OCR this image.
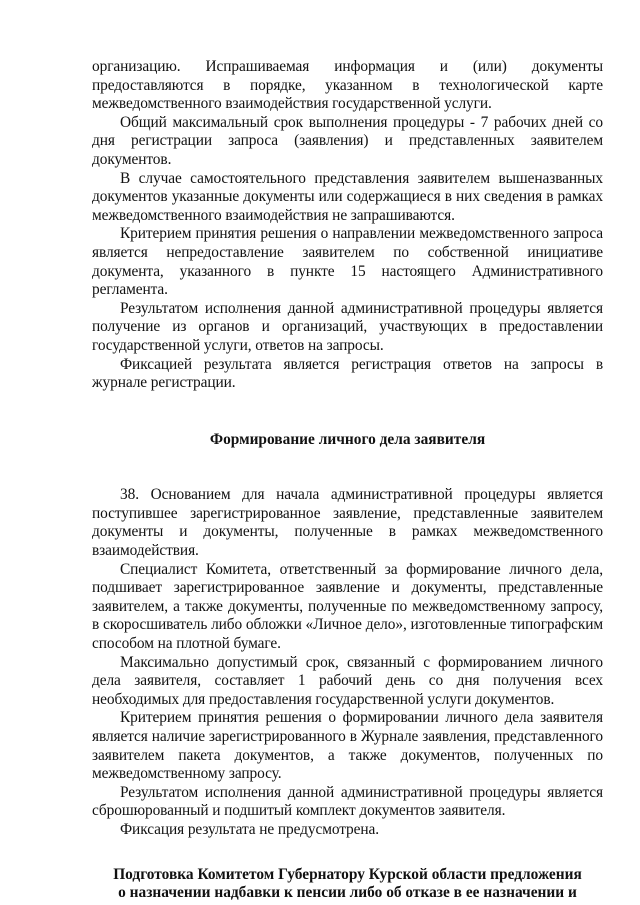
организацию. Испрашиваемая информация и (или) документы предоставляются в порядке, указанном в технологической карте межведомственного взаимодействия государственной услуги.

Общий максимальный срок выполнения процедуры - 7 рабочих дней со дня регистрации запроса (заявления) и представленных заявителем документов.

В случае самостоятельного представления заявителем вышеназванных документов указанные документы или содержащиеся в них сведения в рамках межведомственного взаимодействия не запрашиваются.

Критерием принятия решения о направлении межведомственного запроса является непредоставление заявителем по собственной инициативе документа, указанного в пункте 15 настоящего Административного регламента.

Результатом исполнения данной административной процедуры является получение из органов и организаций, участвующих в предоставлении государственной услуги, ответов на запросы.

Фиксацией результата является регистрация ответов на запросы в журнале регистрации.

Формирование личного дела заявителя

38. Основанием для начала административной процедуры является поступившее зарегистрированное заявление, представленные заявителем документы и документы, полученные в рамках межведомственного взаимодействия.

Специалист Комитета, ответственный за формирование личного дела, подшивает зарегистрированное заявление и документы, представленные заявителем, а также документы, полученные по межведомственному запросу, в скоросшиватель либо обложки «Личное дело», изготовленные типографским способом на плотной бумаге.

Максимально допустимый срок, связанный с формированием личного дела заявителя, составляет 1 рабочий день со дня получения всех необходимых для предоставления государственной услуги документов.

Критерием принятия решения о формировании личного дела заявителя является наличие зарегистрированного в Журнале заявления, представленного заявителем пакета документов, а также документов, полученных по межведомственному запросу.

Результатом исполнения данной административной процедуры является сброшюрованный и подшитый комплект документов заявителя.

Фиксация результата не предусмотрена.

Подготовка Комитетом Губернатору Курской области предложения

о назначении надбавки к пенсии либо об отказе в ее назначении и
